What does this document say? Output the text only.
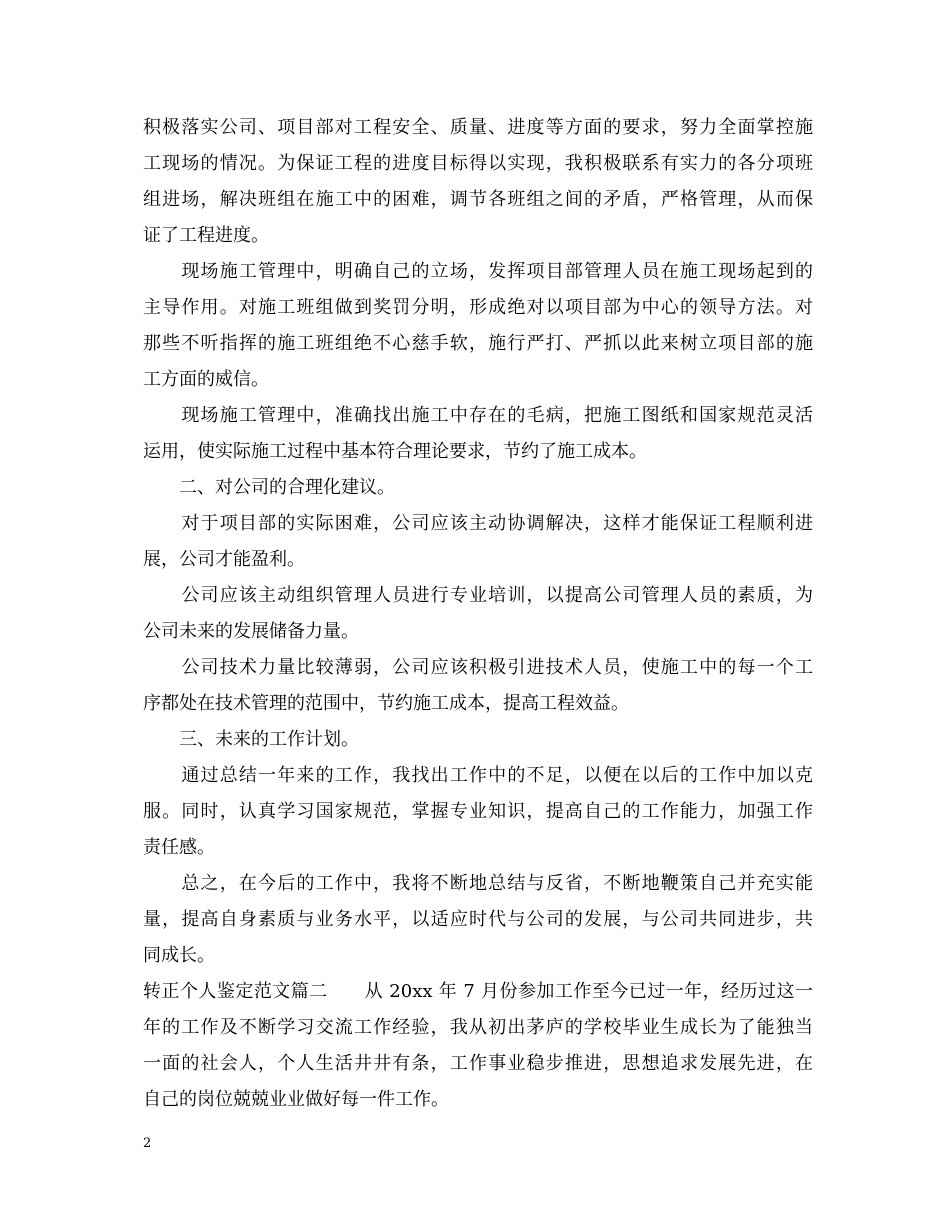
积极落实公司、项目部对工程安全、质量、进度等方面的要求，努力全面掌控施
工现场的情况。为保证工程的进度目标得以实现，我积极联系有实力的各分项班
组进场，解决班组在施工中的困难，调节各班组之间的矛盾，严格管理，从而保
证了工程进度。
　　现场施工管理中，明确自己的立场，发挥项目部管理人员在施工现场起到的
主导作用。对施工班组做到奖罚分明，形成绝对以项目部为中心的领导方法。对
那些不听指挥的施工班组绝不心慈手软，施行严打、严抓以此来树立项目部的施
工方面的威信。
　　现场施工管理中，准确找出施工中存在的毛病，把施工图纸和国家规范灵活
运用，使实际施工过程中基本符合理论要求，节约了施工成本。
　　二、对公司的合理化建议。
　　对于项目部的实际困难，公司应该主动协调解决，这样才能保证工程顺利进
展，公司才能盈利。
　　公司应该主动组织管理人员进行专业培训，以提高公司管理人员的素质，为
公司未来的发展储备力量。
　　公司技术力量比较薄弱，公司应该积极引进技术人员，使施工中的每一个工
序都处在技术管理的范围中，节约施工成本，提高工程效益。
　　三、未来的工作计划。
　　通过总结一年来的工作，我找出工作中的不足，以便在以后的工作中加以克
服。同时，认真学习国家规范，掌握专业知识，提高自己的工作能力，加强工作
责任感。
　　总之，在今后的工作中，我将不断地总结与反省，不断地鞭策自己并充实能
量，提高自身素质与业务水平，以适应时代与公司的发展，与公司共同进步，共
同成长。
转正个人鉴定范文篇二　　从 20xx 年 7 月份参加工作至今已过一年，经历过这一
年的工作及不断学习交流工作经验，我从初出茅庐的学校毕业生成长为了能独当
一面的社会人，个人生活井井有条，工作事业稳步推进，思想追求发展先进，在
自己的岗位兢兢业业做好每一件工作。
2
